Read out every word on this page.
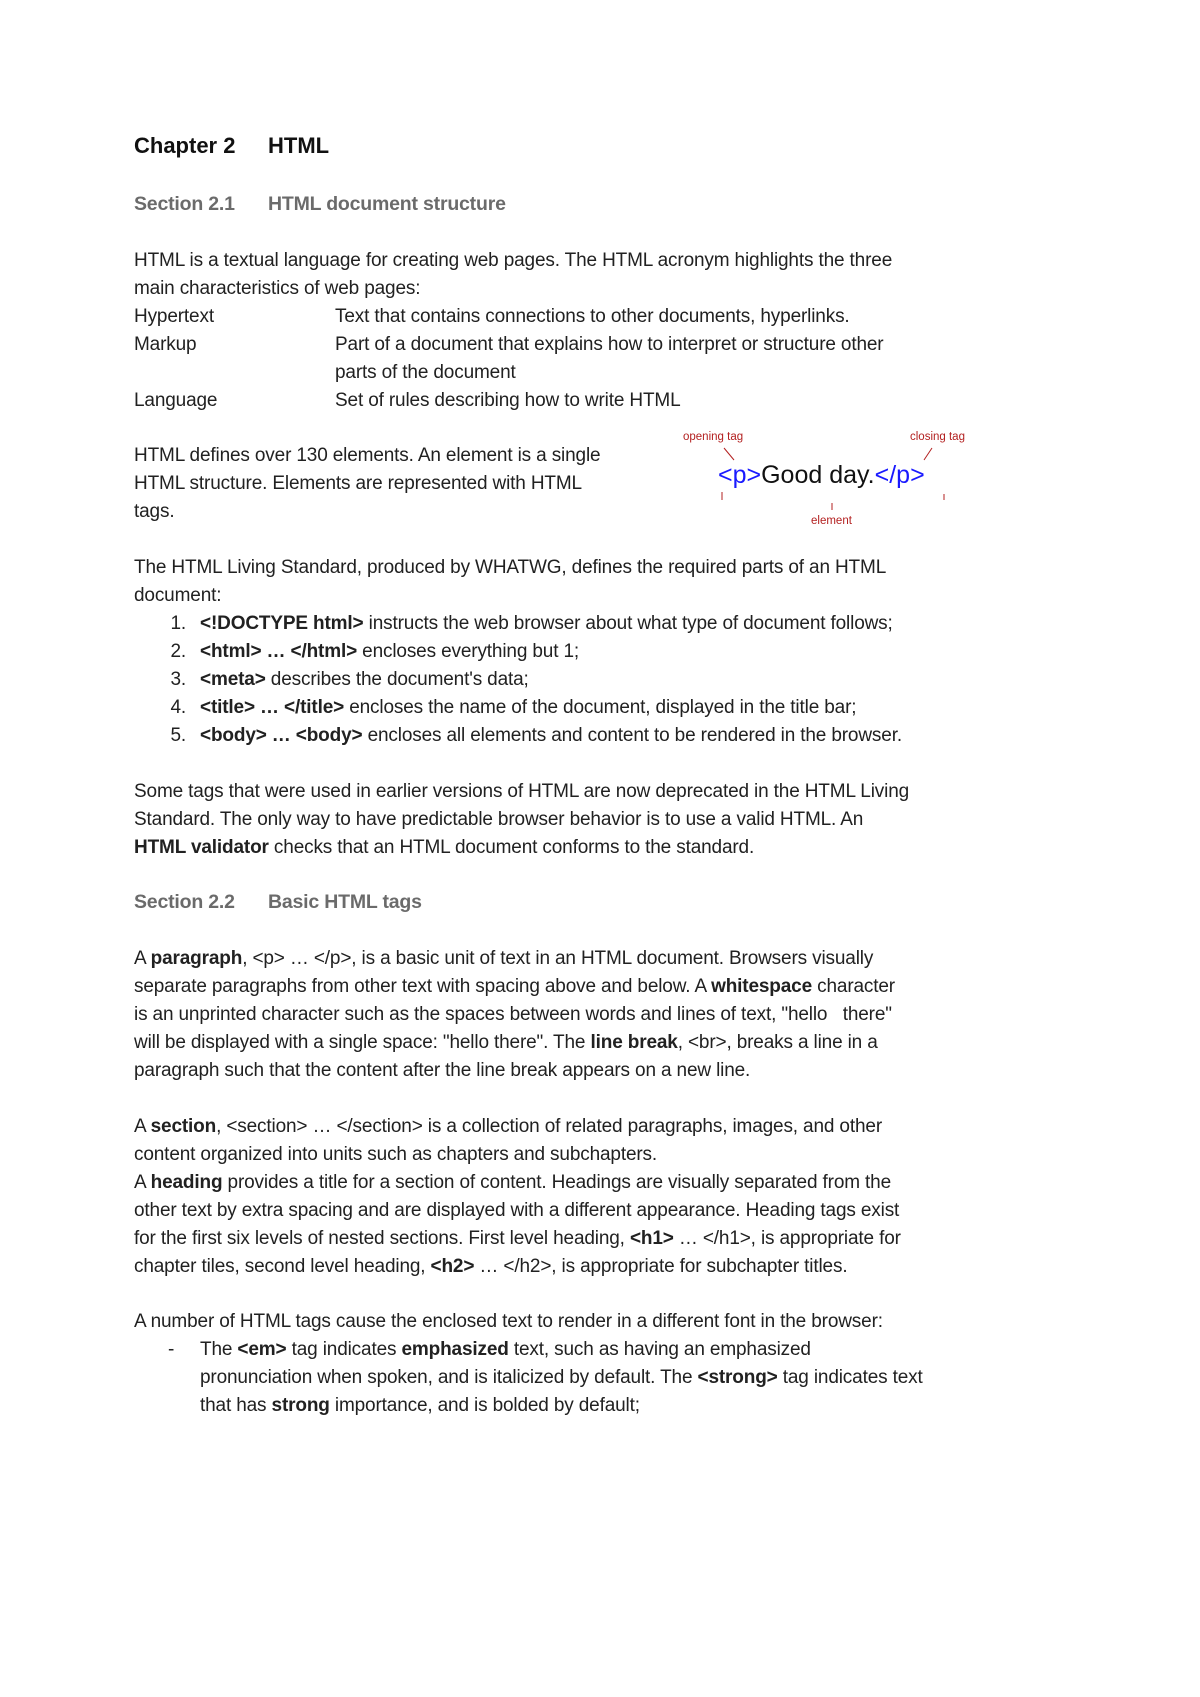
Chapter 2 HTML
Section 2.1 HTML document structure
HTML is a textual language for creating web pages. The HTML acronym highlights the three
main characteristics of web pages:
Hypertext	Text that contains connections to other documents, hyperlinks.
Markup	Part of a document that explains how to interpret or structure other
parts of the document
Language	Set of rules describing how to write HTML
HTML defines over 130 elements. An element is a single
HTML structure. Elements are represented with HTML
tags.
opening tag	closing tag
<p>Good day.</p>
element
The HTML Living Standard, produced by WHATWG, defines the required parts of an HTML
document:
1. <!DOCTYPE html> instructs the web browser about what type of document follows;
2. <html> … </html> encloses everything but 1;
3. <meta> describes the document's data;
4. <title> … </title> encloses the name of the document, displayed in the title bar;
5. <body> … <body> encloses all elements and content to be rendered in the browser.
Some tags that were used in earlier versions of HTML are now deprecated in the HTML Living
Standard. The only way to have predictable browser behavior is to use a valid HTML. An
HTML validator checks that an HTML document conforms to the standard.
Section 2.2 Basic HTML tags
A paragraph, <p> … </p>, is a basic unit of text in an HTML document. Browsers visually
separate paragraphs from other text with spacing above and below. A whitespace character
is an unprinted character such as the spaces between words and lines of text, "hello   there"
will be displayed with a single space: "hello there". The line break, <br>, breaks a line in a
paragraph such that the content after the line break appears on a new line.
A section, <section> … </section> is a collection of related paragraphs, images, and other
content organized into units such as chapters and subchapters.
A heading provides a title for a section of content. Headings are visually separated from the
other text by extra spacing and are displayed with a different appearance. Heading tags exist
for the first six levels of nested sections. First level heading, <h1> … </h1>, is appropriate for
chapter tiles, second level heading, <h2> … </h2>, is appropriate for subchapter titles.
A number of HTML tags cause the enclosed text to render in a different font in the browser:
- The <em> tag indicates emphasized text, such as having an emphasized
pronunciation when spoken, and is italicized by default. The <strong> tag indicates text
that has strong importance, and is bolded by default;
